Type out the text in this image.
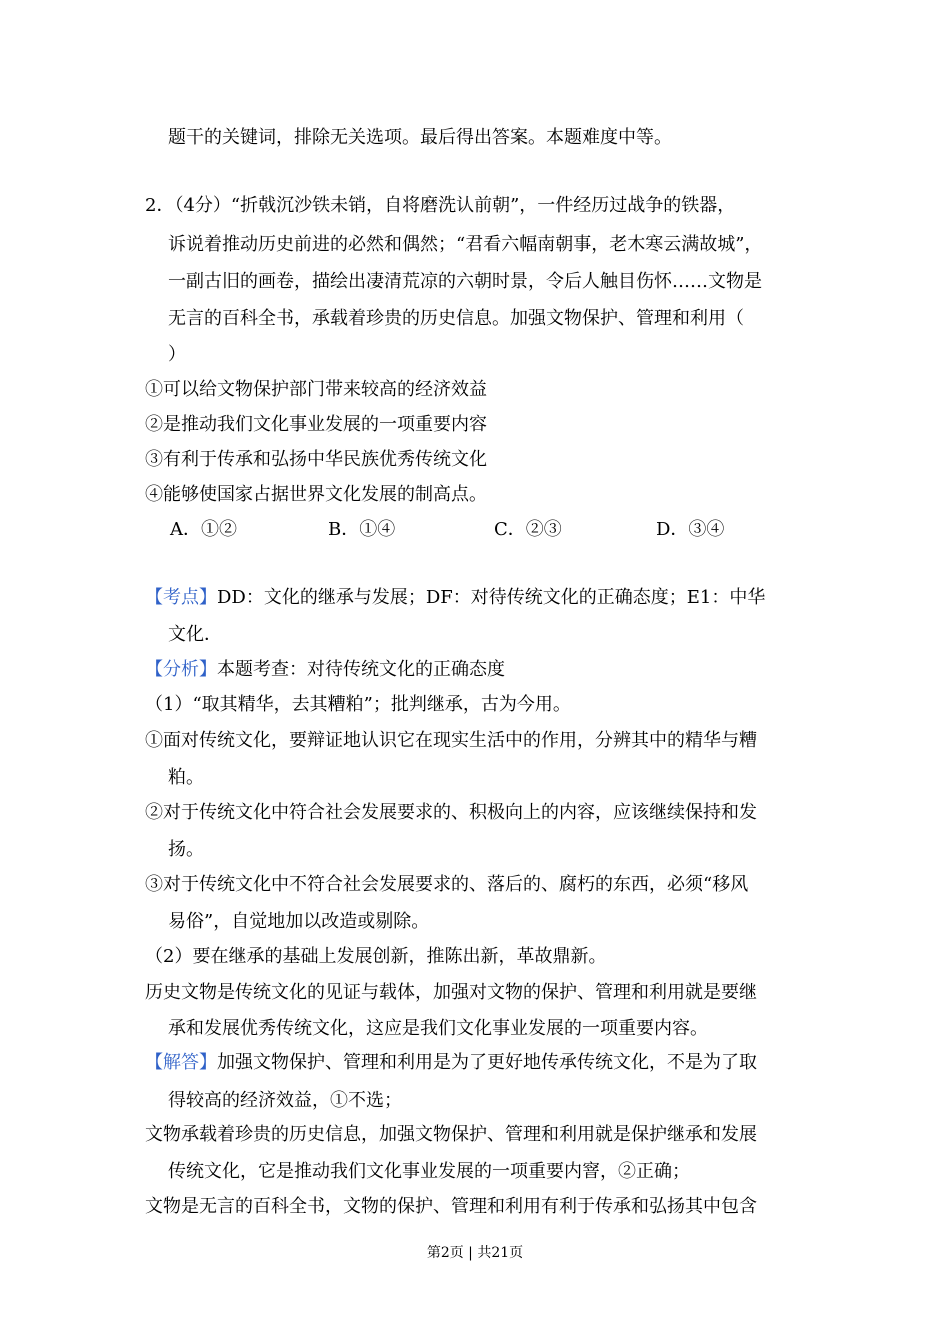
题干的关键词，排除无关选项。最后得出答案。本题难度中等。
2．（4分）“折戟沉沙铁未销，自将磨洗认前朝”，一件经历过战争的铁器，
诉说着推动历史前进的必然和偶然；“君看六幅南朝事，老木寒云满故城”，
一副古旧的画卷，描绘出凄清荒凉的六朝时景，令后人触目伤怀……文物是
无言的百科全书，承载着珍贵的历史信息。加强文物保护、管理和利用（
）
①可以给文物保护部门带来较高的经济效益
②是推动我们文化事业发展的一项重要内容
③有利于传承和弘扬中华民族优秀传统文化
④能够使国家占据世界文化发展的制高点。
A．①②	B．①④	C．②③	D．③④
【考点】DD：文化的继承与发展；DF：对待传统文化的正确态度；E1：中华
文化．
【分析】本题考查：对待传统文化的正确态度
（1）“取其精华，去其糟粕”；批判继承，古为今用。
①面对传统文化，要辩证地认识它在现实生活中的作用，分辨其中的精华与糟
粕。
②对于传统文化中符合社会发展要求的、积极向上的内容，应该继续保持和发
扬。
③对于传统文化中不符合社会发展要求的、落后的、腐朽的东西，必须“移风
易俗”，自觉地加以改造或剔除。
（2）要在继承的基础上发展创新，推陈出新，革故鼎新。
历史文物是传统文化的见证与载体，加强对文物的保护、管理和利用就是要继
承和发展优秀传统文化，这应是我们文化事业发展的一项重要内容。
【解答】加强文物保护、管理和利用是为了更好地传承传统文化，不是为了取
得较高的经济效益，①不选；
文物承载着珍贵的历史信息，加强文物保护、管理和利用就是保护继承和发展
传统文化，它是推动我们文化事业发展的一项重要内窨，②正确；
文物是无言的百科全书，文物的保护、管理和利用有利于传承和弘扬其中包含
第2页 | 共21页
